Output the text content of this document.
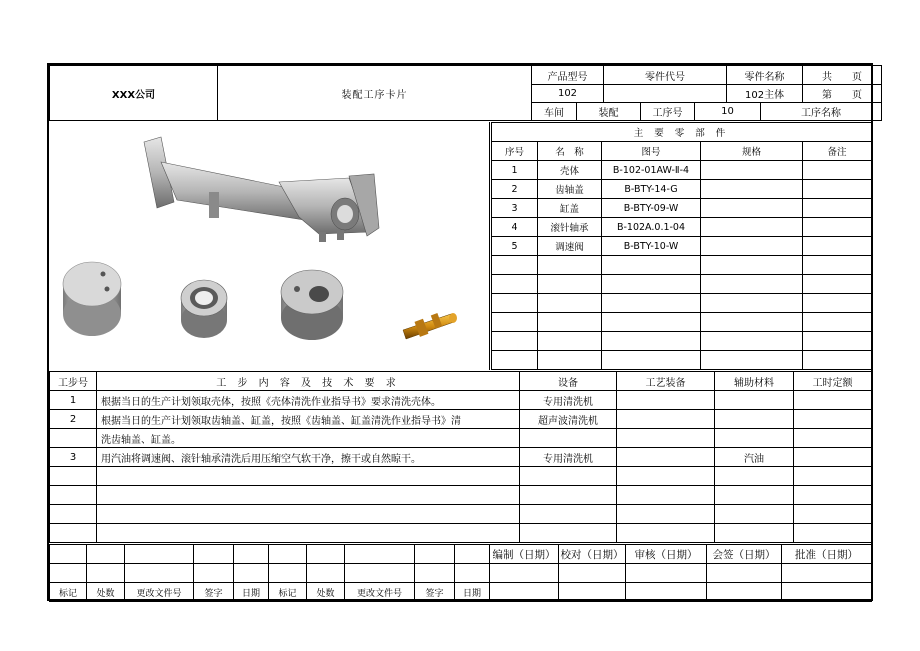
XXX公司	装配工序卡片	产品型号		零件代号			零件名称		共　　页	
		102					102主体		第　　页	
		车间	装配		工序号	10		工序名称	
主 要 零 部 件				
序号	名　称	图号	规格	备注
1	壳体	B-102-01AW-Ⅱ-4		
2	齿轴盖	B-BTY-14-G		
3	缸盖	B-BTY-09-W		
4	滚针轴承	B-102A.0.1-04		
5	调速阀	B-BTY-10-W		

工步号	工 步 内 容 及 技 术 要 求	设备	工艺装备	辅助材料	工时定额
1	根据当日的生产计划领取壳体，按照《壳体清洗作业指导书》要求清洗壳体。	专用清洗机			
2	根据当日的生产计划领取齿轴盖、缸盖，按照《齿轴盖、缸盖清洗作业指导书》清	超声波清洗机			
	洗齿轴盖、缸盖。				
3	用汽油将调速阀、滚针轴承清洗后用压缩空气软干净，擦干或自然晾干。	专用清洗机		汽油	

										编制（日期）	校对（日期）	审核（日期）	会签（日期）	批准（日期）

标记	处数	更改文件号	签字	日期	标记	处数	更改文件号	签字	日期					
